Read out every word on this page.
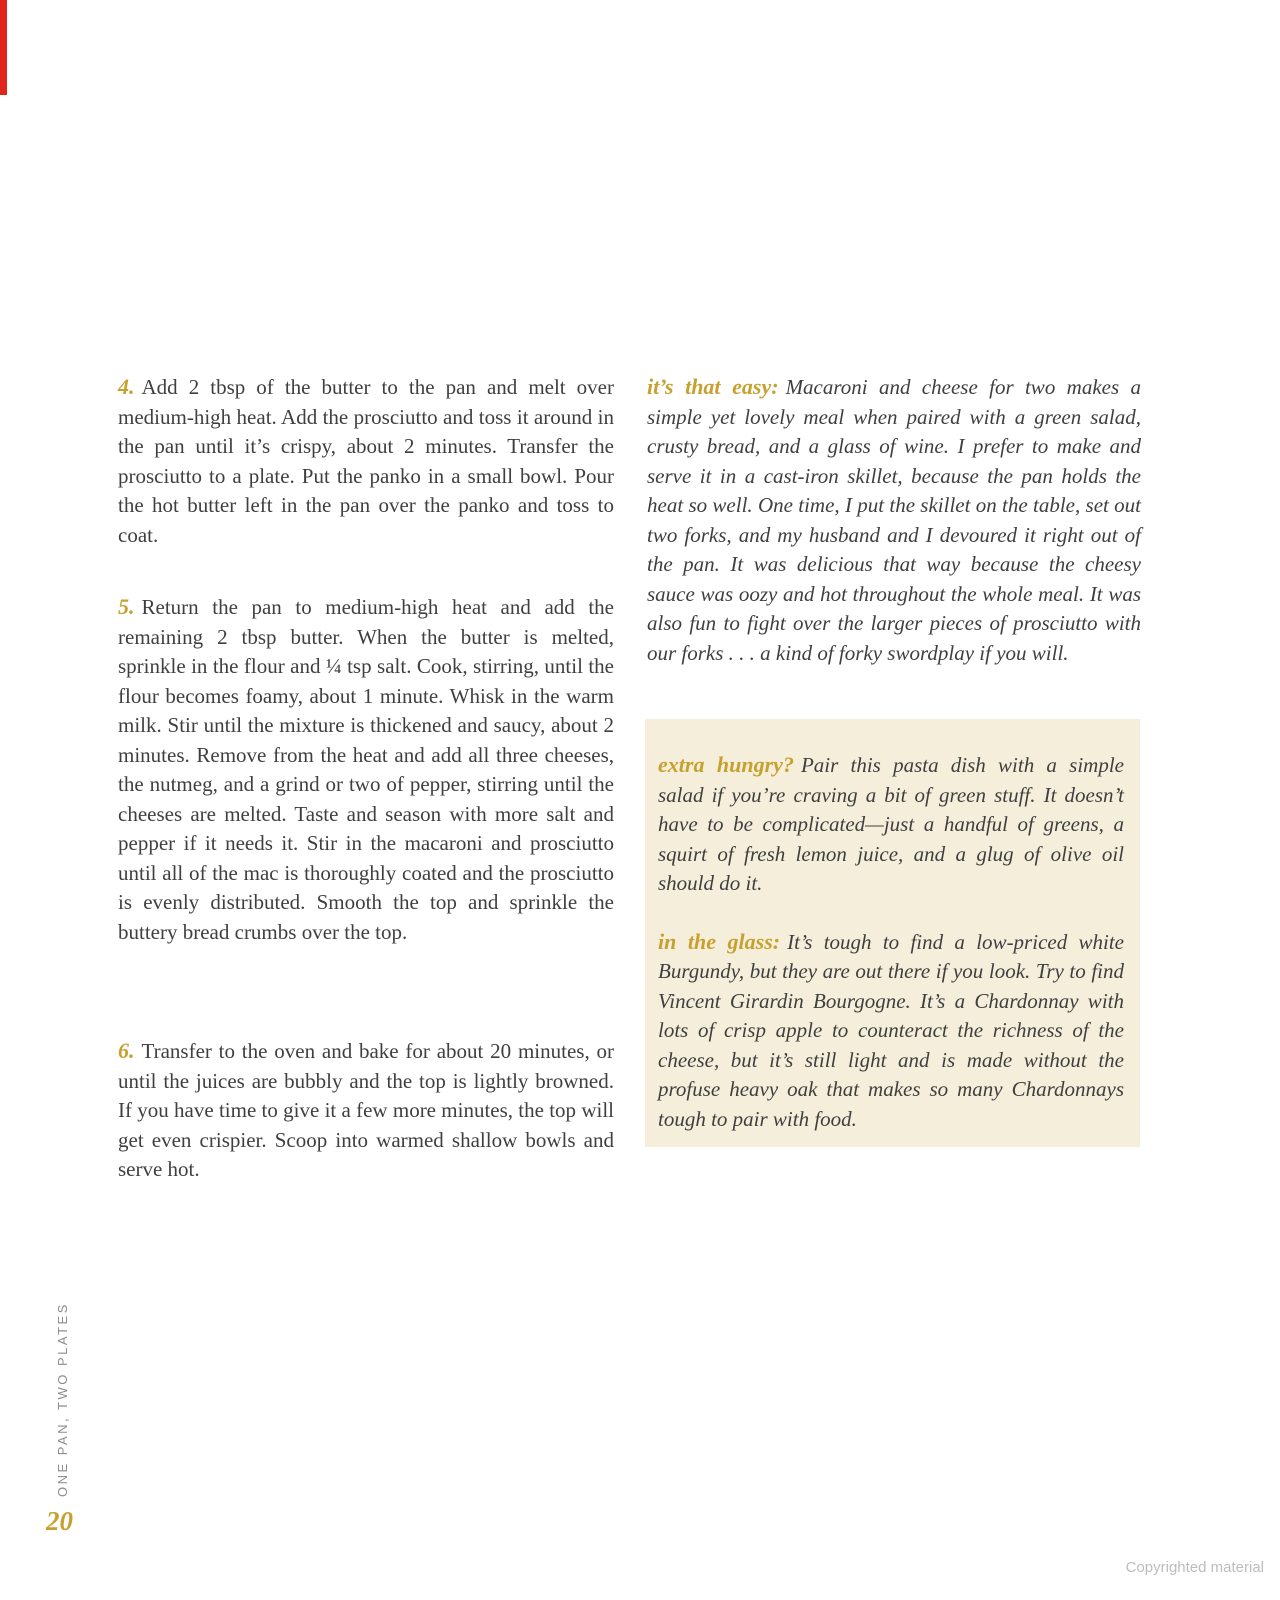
4. Add 2 tbsp of the butter to the pan and melt over medium-high heat. Add the prosciutto and toss it around in the pan until it’s crispy, about 2 minutes. Transfer the prosciutto to a plate. Put the panko in a small bowl. Pour the hot butter left in the pan over the panko and toss to coat.
5. Return the pan to medium-high heat and add the remaining 2 tbsp butter. When the butter is melted, sprinkle in the flour and ¼ tsp salt. Cook, stirring, until the flour becomes foamy, about 1 minute. Whisk in the warm milk. Stir until the mixture is thickened and saucy, about 2 minutes. Remove from the heat and add all three cheeses, the nutmeg, and a grind or two of pepper, stirring until the cheeses are melted. Taste and season with more salt and pepper if it needs it. Stir in the macaroni and prosciutto until all of the mac is thoroughly coated and the prosciutto is evenly distributed. Smooth the top and sprinkle the buttery bread crumbs over the top.
6. Transfer to the oven and bake for about 20 minutes, or until the juices are bubbly and the top is lightly browned. If you have time to give it a few more minutes, the top will get even crispier. Scoop into warmed shallow bowls and serve hot.
it’s that easy: Macaroni and cheese for two makes a simple yet lovely meal when paired with a green salad, crusty bread, and a glass of wine. I prefer to make and serve it in a cast-iron skillet, because the pan holds the heat so well. One time, I put the skillet on the table, set out two forks, and my husband and I devoured it right out of the pan. It was delicious that way because the cheesy sauce was oozy and hot throughout the whole meal. It was also fun to fight over the larger pieces of prosciutto with our forks . . . a kind of forky swordplay if you will.
extra hungry? Pair this pasta dish with a simple salad if you’re craving a bit of green stuff. It doesn’t have to be complicated—just a handful of greens, a squirt of fresh lemon juice, and a glug of olive oil should do it.
in the glass: It’s tough to find a low-priced white Burgundy, but they are out there if you look. Try to find Vincent Girardin Bourgogne. It’s a Chardonnay with lots of crisp apple to counteract the richness of the cheese, but it’s still light and is made without the profuse heavy oak that makes so many Chardonnays tough to pair with food.
ONE PAN, TWO PLATES
20
Copyrighted material
